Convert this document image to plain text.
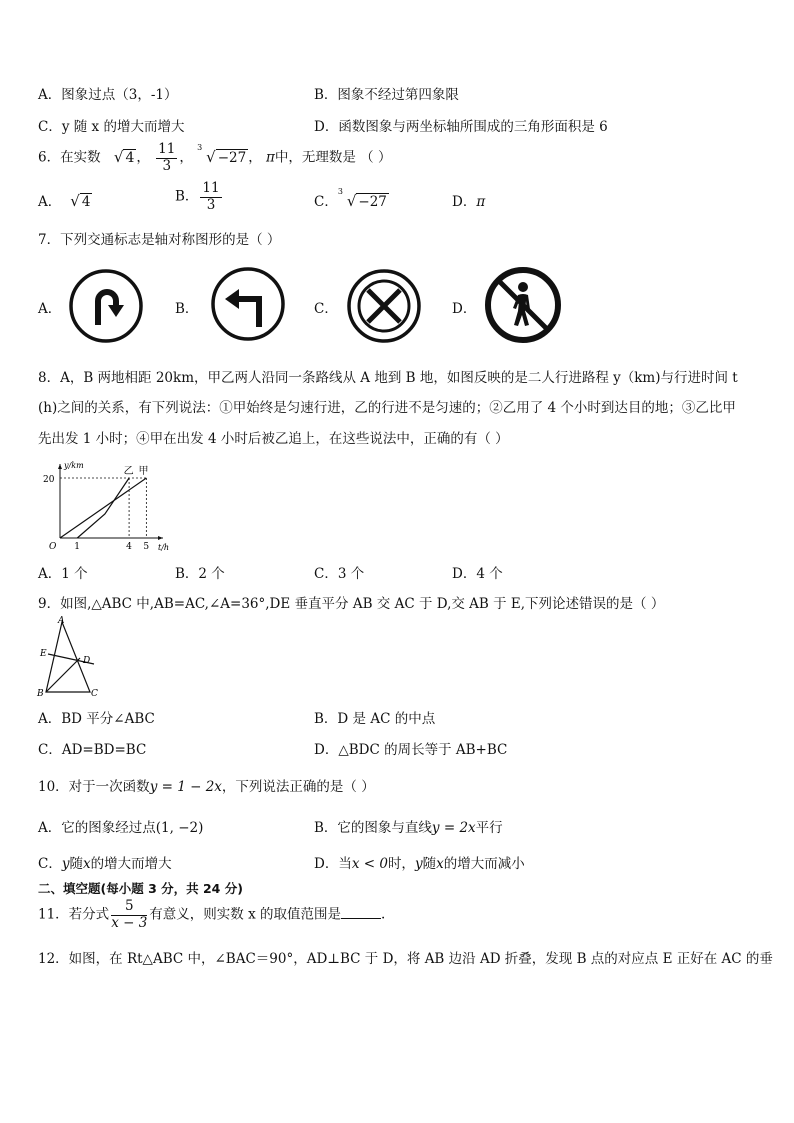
A．图象过点（3，-1）	B．图象不经过第四象限
C．y 随 x 的增大而增大	D．函数图象与两坐标轴所围成的三角形面积是 6
6．在实数 √ 4 ， $\frac{11}{3}$ ，
3
√ −27 ， π中，无理数是 （ ）
A． √ 4	B． $\frac{11}{3}$	C．
3
√ −27	D．π
7．下列交通标志是轴对称图形的是（ ）
A．	B．	C．	D．
8．A，B 两地相距 20km，甲乙两人沿同一条路线从 A 地到 B 地，如图反映的是二人行进路程 y（km)与行进时间 t
(h)之间的关系，有下列说法：①甲始终是匀速行进，乙的行进不是匀速的；②乙用了 4 个小时到达目的地；③乙比甲
先出发 1 小时；④甲在出发 4 小时后被乙追上，在这些说法中，正确的有（ ）
y/km
t/h
O
20
1	4 5
乙 甲
A．1 个	B．2 个	C．3 个	D．4 个
9．如图,△ABC 中,AB=AC,∠A=36°,DE 垂直平分 AB 交 AC 于 D,交 AB 于 E,下列论述错误的是（ ）
A
E
D
B	C
A．BD 平分∠ABC	B．D 是 AC 的中点
C．AD=BD=BC	D．△BDC 的周长等于 AB+BC
10．对于一次函数y = 1 − 2x，下列说法正确的是（ ）
A．它的图象经过点(1, −2)	B．它的图象与直线y = 2x平行
C．y随x的增大而增大	D．当x < 0时，y随x的增大而减小
二、填空题(每小题 3 分，共 24 分)
11．若分式 $\frac{5}{x - 3}$ 有意义，则实数 x 的取值范围是	.
12．如图，在 Rt△ABC 中，∠BAC＝90°，AD⊥BC 于 D，将 AB 边沿 AD 折叠，发现 B 点的对应点 E 正好在 AC 的垂
